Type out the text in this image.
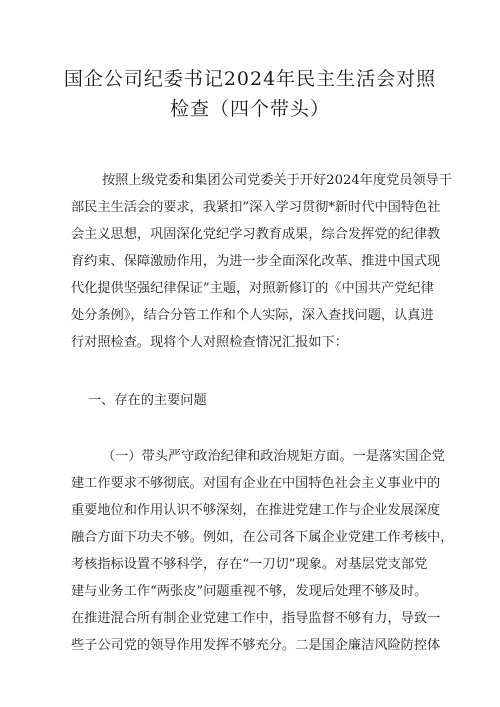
国企公司纪委书记2024年民主生活会对照
检查（四个带头）
按照上级党委和集团公司党委关于开好2024年度党员领导干
部民主生活会的要求，我紧扣”深入学习贯彻*新时代中国特色社
会主义思想，巩固深化党纪学习教育成果，综合发挥党的纪律教
育约束、保障激励作用，为进一步全面深化改革、推进中国式现
代化提供坚强纪律保证”主题，对照新修订的《中国共产党纪律
处分条例》，结合分管工作和个人实际，深入查找问题，认真进
行对照检查。现将个人对照检查情况汇报如下：
一、存在的主要问题
（一）带头严守政治纪律和政治规矩方面。一是落实国企党
建工作要求不够彻底。对国有企业在中国特色社会主义事业中的
重要地位和作用认识不够深刻，在推进党建工作与企业发展深度
融合方面下功夫不够。例如，在公司各下属企业党建工作考核中，
考核指标设置不够科学，存在“一刀切”现象。对基层党支部党
建与业务工作“两张皮”问题重视不够，发现后处理不够及时。
在推进混合所有制企业党建工作中，指导监督不够有力，导致一
些子公司党的领导作用发挥不够充分。二是国企廉洁风险防控体
